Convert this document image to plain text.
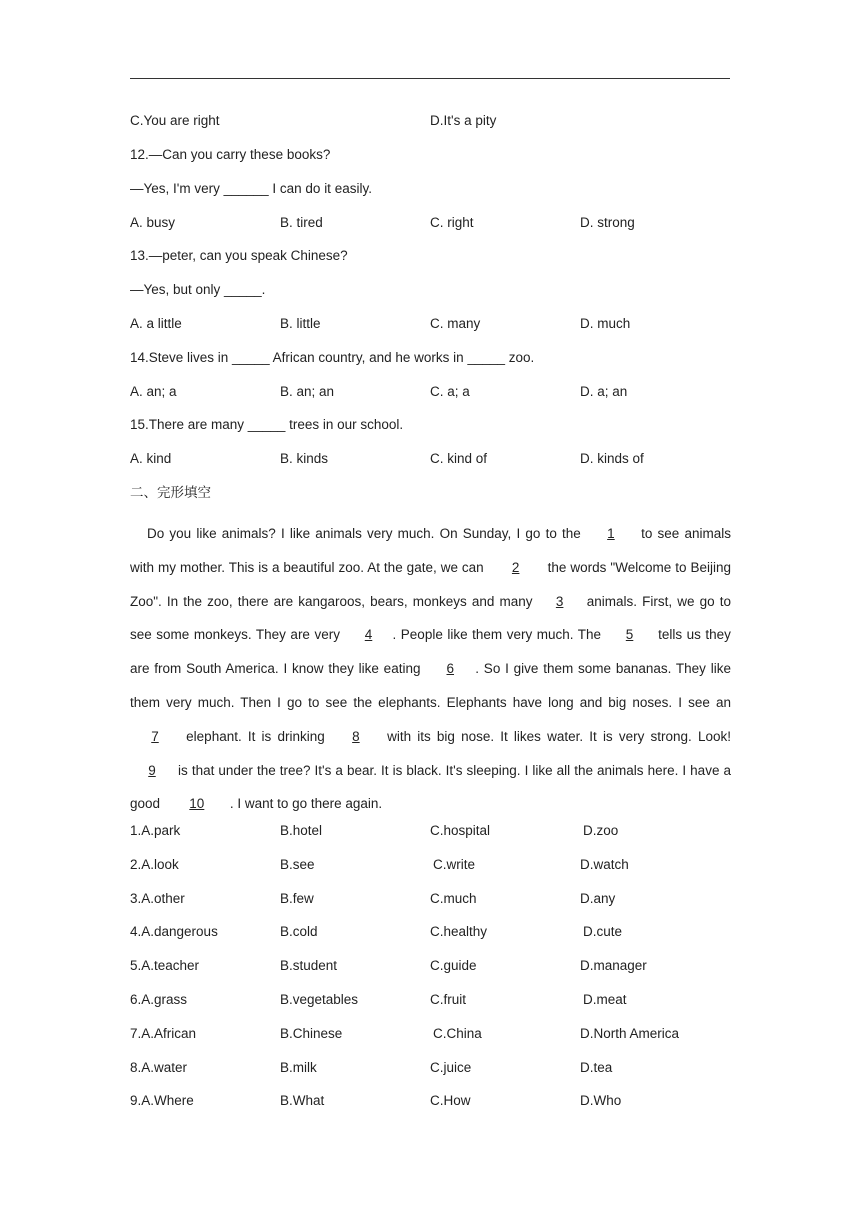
C.You are right	D.It's a pity
12.—Can you carry these books?
—Yes, I'm very ______ I can do it easily.
A. busy	B. tired	C. right	D. strong
13.—peter, can you speak Chinese?
—Yes, but only _____.
A. a little	B. little	C. many	D. much
14.Steve lives in _____ African country, and he works in _____ zoo.
A. an; a	B. an; an	C. a; a	D. a; an
15.There are many _____ trees in our school.
A. kind	B. kinds	C. kind of	D. kinds of
二、完形填空
Do you like animals? I like animals very much. On Sunday, I go to the 1 to see animals with my mother. This is a beautiful zoo. At the gate, we can 2 the words "Welcome to Beijing Zoo". In the zoo, there are kangaroos, bears, monkeys and many 3 animals. First, we go to see some monkeys. They are very 4 . People like them very much. The 5 tells us they are from South America. I know they like eating 6 . So I give them some bananas. They like them very much. Then I go to see the elephants. Elephants have long and big noses. I see an 7 elephant. It is drinking 8 with its big nose. It likes water. It is very strong. Look! 9 is that under the tree? It's a bear. It is black. It's sleeping. I like all the animals here. I have a good 10 . I want to go there again.
1.A.park	B.hotel	C.hospital	D.zoo
2.A.look	B.see	C.write	D.watch
3.A.other	B.few	C.much	D.any
4.A.dangerous	B.cold	C.healthy	D.cute
5.A.teacher	B.student	C.guide	D.manager
6.A.grass	B.vegetables	C.fruit	D.meat
7.A.African	B.Chinese	C.China	D.North America
8.A.water	B.milk	C.juice	D.tea
9.A.Where	B.What	C.How	D.Who
